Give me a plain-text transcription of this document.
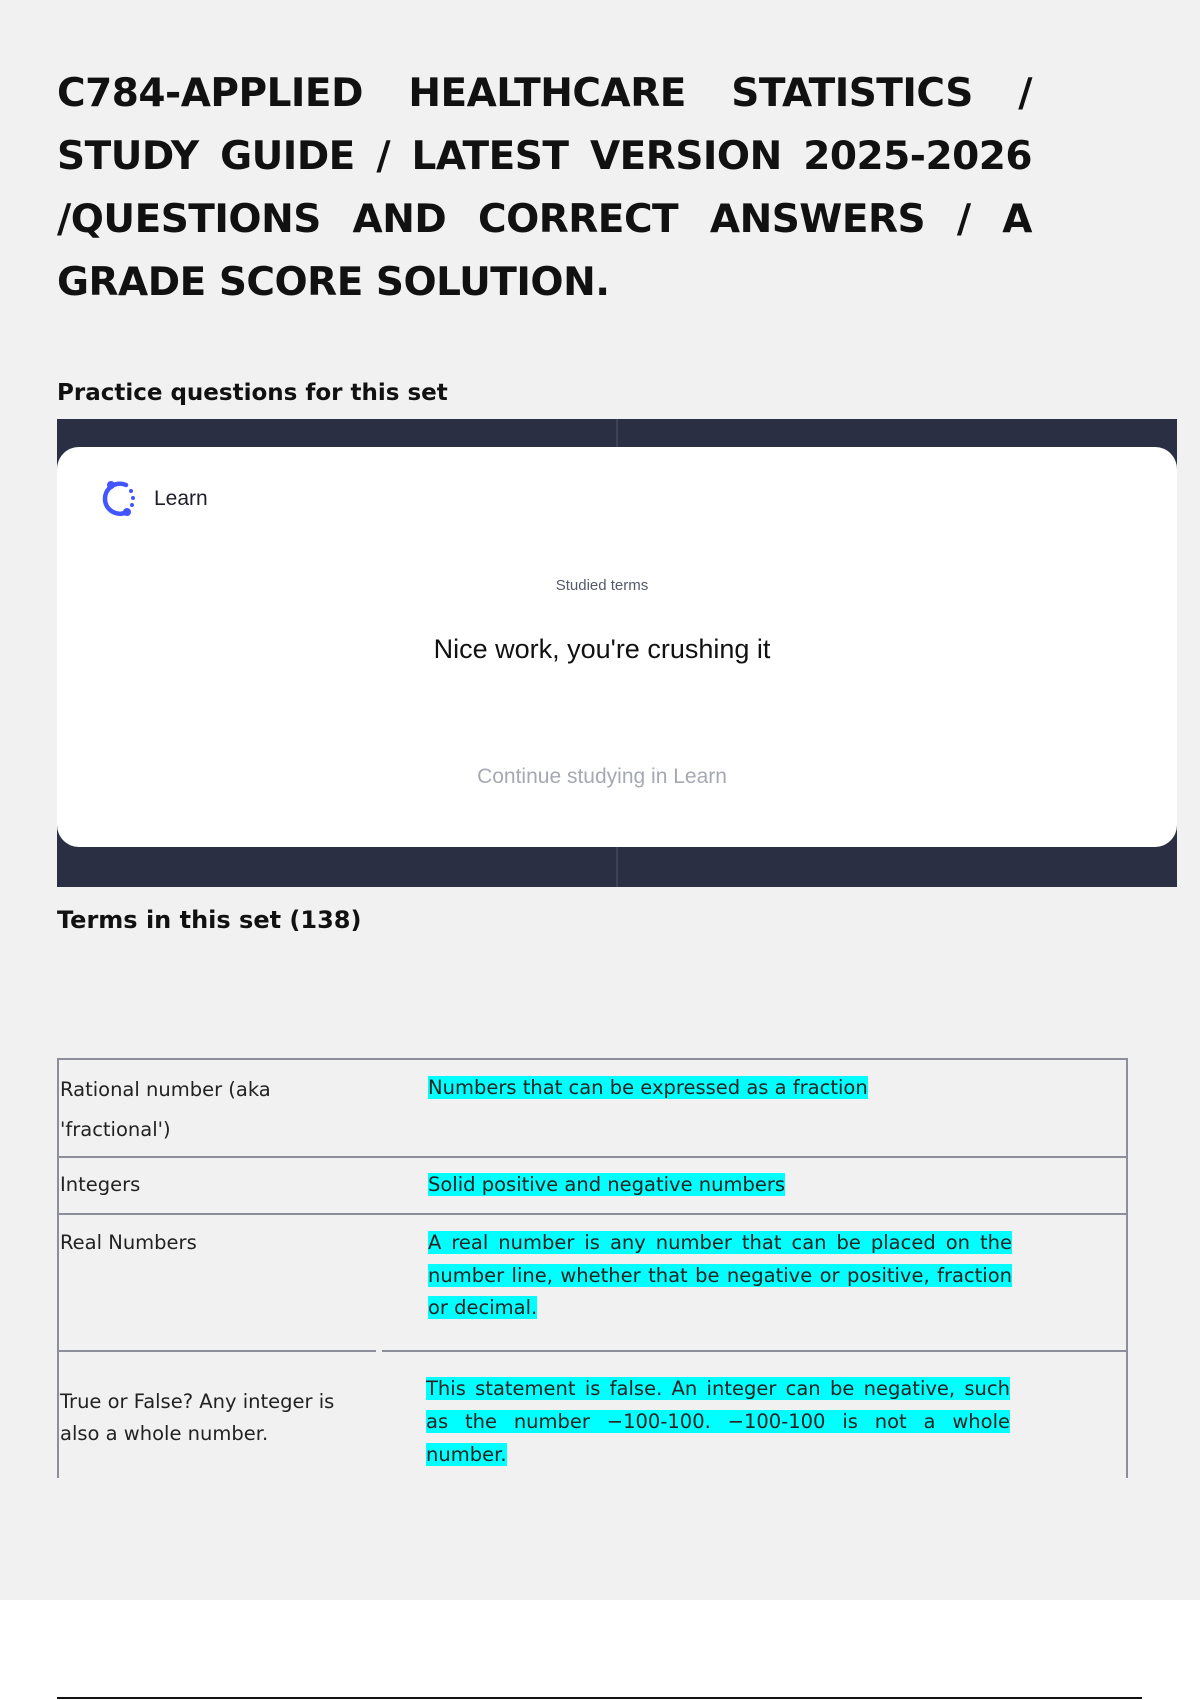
C784-APPLIED HEALTHCARE STATISTICS / STUDY GUIDE / LATEST VERSION 2025-2026 /QUESTIONS AND CORRECT ANSWERS / A GRADE SCORE SOLUTION.
Practice questions for this set
Learn
Studied terms
Nice work, you're crushing it
Continue studying in Learn
Terms in this set (138)
Rational number (aka 'fractional')
Numbers that can be expressed as a fraction
Integers	Solid positive and negative numbers
Real Numbers	A real number is any number that can be placed on the number line, whether that be negative or positive, fraction or decimal.
True or False? Any integer is also a whole number.
This statement is false. An integer can be negative, such as the number −100-100. −100-100 is not a whole number.
